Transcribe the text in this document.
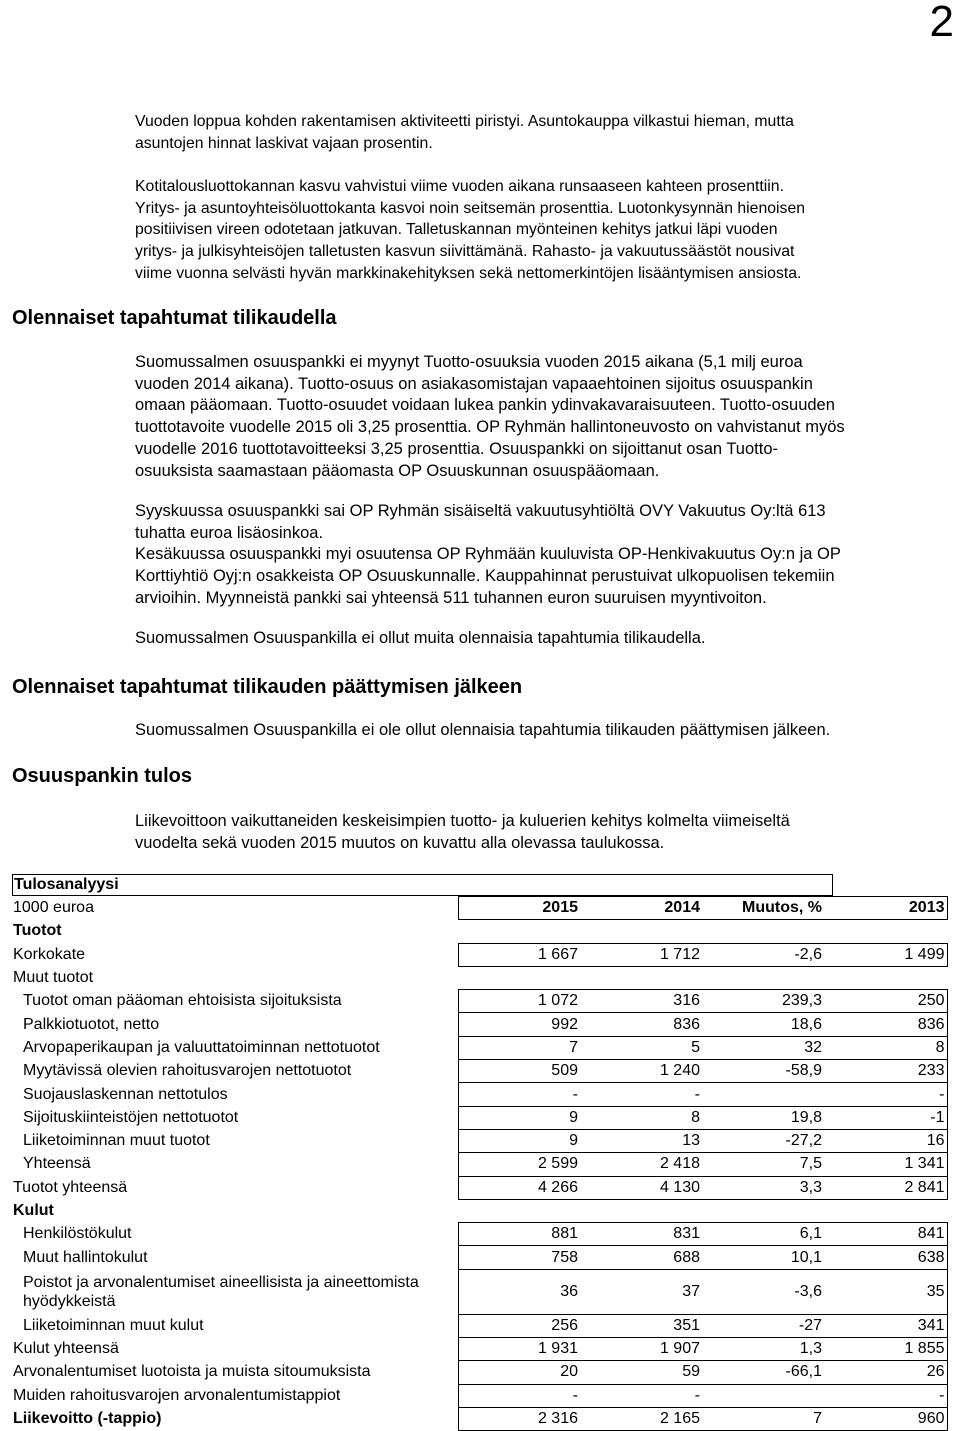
2

Vuoden loppua kohden rakentamisen aktiviteetti piristyi. Asuntokauppa vilkastui hieman, mutta
asuntojen hinnat laskivat vajaan prosentin.

Kotitalousluottokannan kasvu vahvistui viime vuoden aikana runsaaseen kahteen prosenttiin.
Yritys- ja asuntoyhteisöluottokanta kasvoi noin seitsemän prosenttia. Luotonkysynnän hienoisen
positiivisen vireen odotetaan jatkuvan. Talletuskannan myönteinen kehitys jatkui läpi vuoden
yritys- ja julkisyhteisöjen talletusten kasvun siivittämänä. Rahasto- ja vakuutussäästöt nousivat
viime vuonna selvästi hyvän markkinakehityksen sekä nettomerkintöjen lisääntymisen ansiosta.

Olennaiset tapahtumat tilikaudella

Suomussalmen osuuspankki ei myynyt Tuotto-osuuksia vuoden 2015 aikana (5,1 milj euroa
vuoden 2014 aikana). Tuotto-osuus on asiakasomistajan vapaaehtoinen sijoitus osuuspankin
omaan pääomaan. Tuotto-osuudet voidaan lukea pankin ydinvakavaraisuuteen. Tuotto-osuuden
tuottotavoite vuodelle 2015 oli 3,25 prosenttia. OP Ryhmän hallintoneuvosto on vahvistanut myös
vuodelle 2016 tuottotavoitteeksi 3,25 prosenttia. Osuuspankki on sijoittanut osan Tuotto-
osuuksista saamastaan pääomasta OP Osuuskunnan osuuspääomaan.

Syyskuussa osuuspankki sai OP Ryhmän sisäiseltä vakuutusyhtiöltä OVY Vakuutus Oy:ltä 613
tuhatta euroa lisäosinkoa.
Kesäkuussa osuuspankki myi osuutensa OP Ryhmään kuuluvista OP-Henkivakuutus Oy:n ja OP
Korttiyhtiö Oyj:n osakkeista OP Osuuskunnalle. Kauppahinnat perustuivat ulkopuolisen tekemiin
arvioihin. Myynneistä pankki sai yhteensä 511 tuhannen euron suuruisen myyntivoiton.

Suomussalmen Osuuspankilla ei ollut muita olennaisia tapahtumia tilikaudella.

Olennaiset tapahtumat tilikauden päättymisen jälkeen

Suomussalmen Osuuspankilla ei ole ollut olennaisia tapahtumia tilikauden päättymisen jälkeen.

Osuuspankin tulos

Liikevoittoon vaikuttaneiden keskeisimpien tuotto- ja kuluerien kehitys kolmelta viimeiseltä
vuodelta sekä vuoden 2015 muutos on kuvattu alla olevassa taulukossa.

Tulosanalyysi
1000 euroa		2015	2014	Muutos, %	2013
Tuotot					
Korkokate		1 667	1 712	-2,6	1 499
Muut tuotot					
Tuotot oman pääoman ehtoisista sijoituksista		1 072	316	239,3	250
Palkkiotuotot, netto		992	836	18,6	836
Arvopaperikaupan ja valuuttatoiminnan nettotuotot		7	5	32	8
Myytävissä olevien rahoitusvarojen nettotuotot		509	1 240	-58,9	233
Suojauslaskennan nettotulos		-	-		-
Sijoituskiinteistöjen nettotuotot		9	8	19,8	-1
Liiketoiminnan muut tuotot		9	13	-27,2	16
Yhteensä		2 599	2 418	7,5	1 341
Tuotot yhteensä		4 266	4 130	3,3	2 841
Kulut					
Henkilöstökulut		881	831	6,1	841
Muut hallintokulut		758	688	10,1	638
Poistot ja arvonalentumiset aineellisista ja aineettomista hyödykkeistä		36	37	-3,6	35
Liiketoiminnan muut kulut		256	351	-27	341
Kulut yhteensä		1 931	1 907	1,3	1 855
Arvonalentumiset luotoista ja muista sitoumuksista		20	59	-66,1	26
Muiden rahoitusvarojen arvonalentumistappiot		-	-		-
Liikevoitto (-tappio)		2 316	2 165	7	960
